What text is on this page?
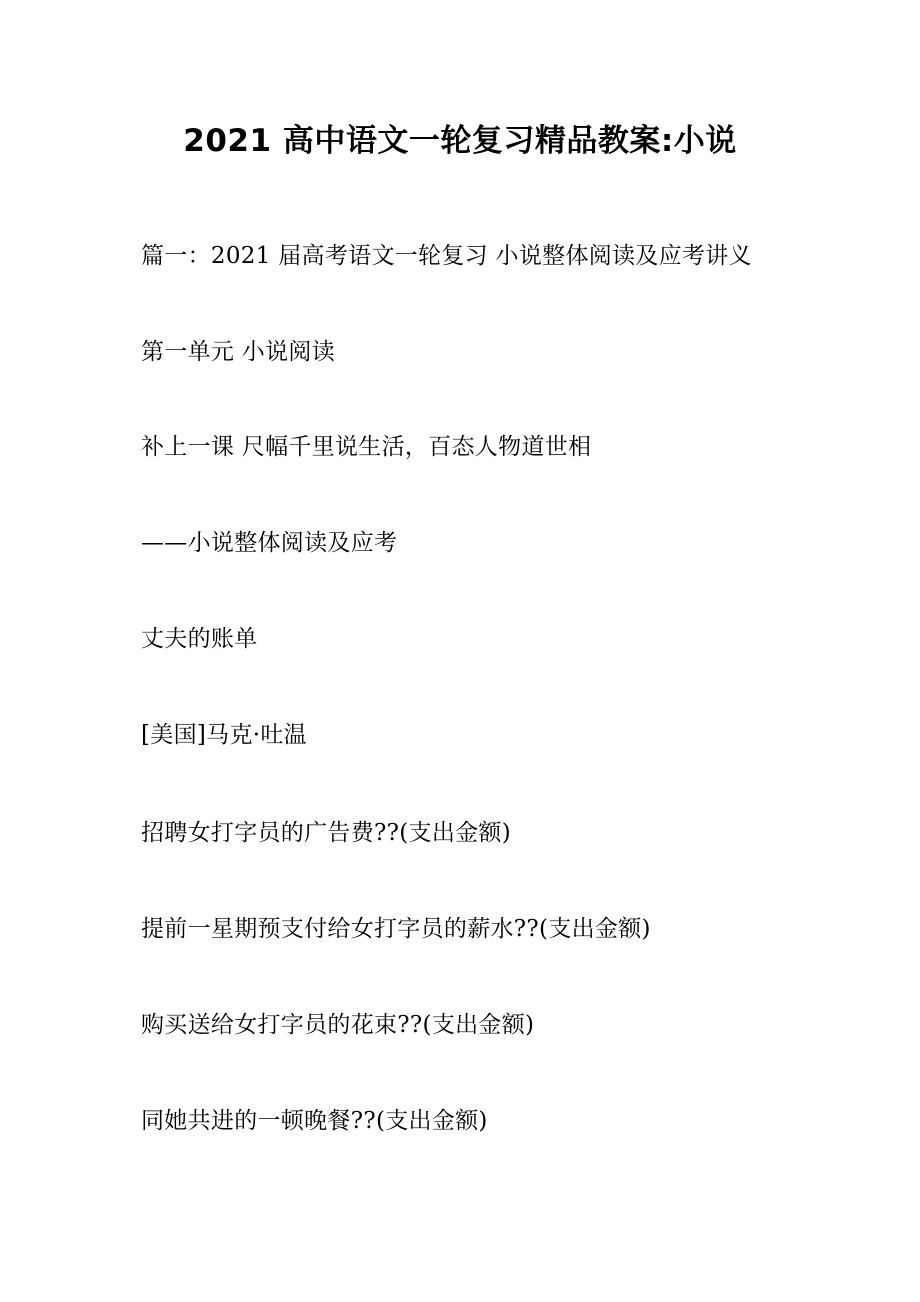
2021 高中语文一轮复习精品教案:小说
篇一：2021 届高考语文一轮复习 小说整体阅读及应考讲义
第一单元 小说阅读
补上一课 尺幅千里说生活，百态人物道世相
——小说整体阅读及应考
丈夫的账单
[美国]马克·吐温
招聘女打字员的广告费??(支出金额)
提前一星期预支付给女打字员的薪水??(支出金额)
购买送给女打字员的花束??(支出金额)
同她共进的一顿晚餐??(支出金额)
